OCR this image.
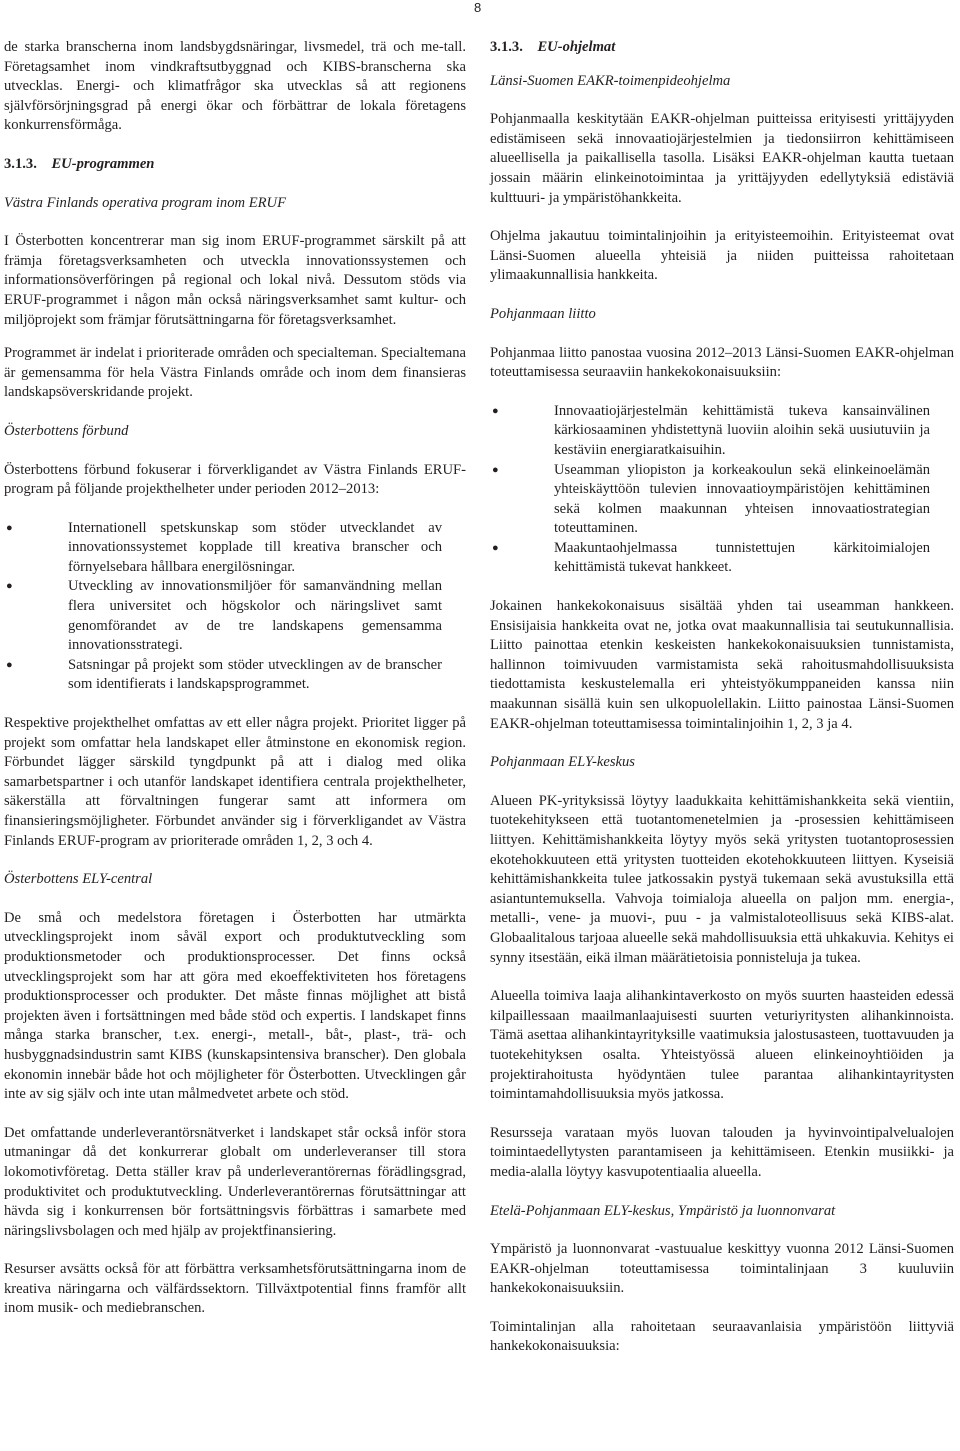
8

de starka branscherna inom landsbygdsnäringar, livsmedel, trä och me-tall. Företagsamhet inom vindkraftsutbyggnad och KIBS-branscherna ska utvecklas. Energi- och klimatfrågor ska utvecklas så att regionens självförsörjningsgrad på energi ökar och förbättrar de lokala företagens konkurrensförmåga.

3.1.3. EU-programmen
Västra Finlands operativa program inom ERUF

I Österbotten koncentrerar man sig inom ERUF-programmet särskilt på att främja företagsverksamheten och utveckla innovationssystemen och informationsöverföringen på regional och lokal nivå. Dessutom stöds via ERUF-programmet i någon mån också näringsverksamhet samt kultur- och miljöprojekt som främjar förutsättningarna för företagsverksamhet.

Programmet är indelat i prioriterade områden och specialteman. Specialtemana är gemensamma för hela Västra Finlands område och inom dem finansieras landskapsöverskridande projekt.

Österbottens förbund

Österbottens förbund fokuserar i förverkligandet av Västra Finlands ERUF-program på följande projekthelheter under perioden 2012–2013:

●	Internationell spetskunskap som stöder utvecklandet av innovationssystemet kopplade till kreativa branscher och förnyelsebara hållbara energilösningar.
●	Utveckling av innovationsmiljöer för samanvändning mellan flera universitet och högskolor och näringslivet samt genomförandet av de tre landskapens gemensamma innovationsstrategi.
●	Satsningar på projekt som stöder utvecklingen av de branscher som identifierats i landskapsprogrammet.

Respektive projekthelhet omfattas av ett eller några projekt. Prioritet ligger på projekt som omfattar hela landskapet eller åtminstone en ekonomisk region. Förbundet lägger särskild tyngdpunkt på att i dialog med olika samarbetspartner i och utanför landskapet identifiera centrala projekthelheter, säkerställa att förvaltningen fungerar samt att informera om finansieringsmöjligheter. Förbundet använder sig i förverkligandet av Västra Finlands ERUF-program av prioriterade områden 1, 2, 3 och 4.

Österbottens ELY-central

De små och medelstora företagen i Österbotten har utmärkta utvecklingsprojekt inom såväl export och produktutveckling som produktionsmetoder och produktionsprocesser. Det finns också utvecklingsprojekt som har att göra med ekoeffektiviteten hos företagens produktionsprocesser och produkter. Det måste finnas möjlighet att bistå projekten även i fortsättningen med både stöd och expertis. I landskapet finns många starka branscher, t.ex. energi-, metall-, båt-, plast-, trä- och husbyggnadsindustrin samt KIBS (kunskapsintensiva branscher). Den globala ekonomin innebär både hot och möjligheter för Österbotten. Utvecklingen går inte av sig själv och inte utan målmedvetet arbete och stöd.

Det omfattande underleverantörsnätverket i landskapet står också inför stora utmaningar då det konkurrerar globalt om underleveranser till stora lokomotivföretag. Detta ställer krav på underleverantörernas förädlingsgrad, produktivitet och produktutveckling. Underleverantörernas förutsättningar att hävda sig i konkurrensen bör fortsättningsvis förbättras i samarbete med näringslivsbolagen och med hjälp av projektfinansiering.

Resurser avsätts också för att förbättra verksamhetsförutsättningarna inom de kreativa näringarna och välfärdssektorn. Tillväxtpotential finns framför allt inom musik- och mediebranschen.

3.1.3. EU-ohjelmat
Länsi-Suomen EAKR-toimenpideohjelma

Pohjanmaalla keskitytään EAKR-ohjelman puitteissa erityisesti yrittäjyyden edistämiseen sekä innovaatiojärjestelmien ja tiedonsiirron kehittämiseen alueellisella ja paikallisella tasolla. Lisäksi EAKR-ohjelman kautta tuetaan jossain määrin elinkeinotoimintaa ja yrittäjyyden edellytyksiä edistäviä kulttuuri- ja ympäristöhankkeita.

Ohjelma jakautuu toimintalinjoihin ja erityisteemoihin. Erityisteemat ovat Länsi-Suomen alueella yhteisiä ja niiden puitteissa rahoitetaan ylimaakunnallisia hankkeita.

Pohjanmaan liitto

Pohjanmaa liitto panostaa vuosina 2012–2013 Länsi-Suomen EAKR-ohjelman toteuttamisessa seuraaviin hankekokonaisuuksiin:

●	Innovaatiojärjestelmän kehittämistä tukeva kansainvälinen kärkiosaaminen yhdistettynä luoviin aloihin sekä uusiutuviin ja kestäviin energiaratkaisuihin.
●	Useamman yliopiston ja korkeakoulun sekä elinkeinoelämän yhteiskäyttöön tulevien innovaatioympäristöjen kehittäminen sekä kolmen maakunnan yhteisen innovaatiostrategian toteuttaminen.
●	Maakuntaohjelmassa tunnistettujen kärkitoimialojen kehittämistä tukevat hankkeet.

Jokainen hankekokonaisuus sisältää yhden tai useamman hankkeen. Ensisijaisia hankkeita ovat ne, jotka ovat maakunnallisia tai seutukunnallisia. Liitto painottaa etenkin keskeisten hankekokonaisuuksien tunnistamista, hallinnon toimivuuden varmistamista sekä rahoitusmahdollisuuksista tiedottamista keskustelemalla eri yhteistyökumppaneiden kanssa niin maakunnan sisällä kuin sen ulkopuolellakin. Liitto painostaa Länsi-Suomen EAKR-ohjelman toteuttamisessa toimintalinjoihin 1, 2, 3 ja 4.

Pohjanmaan ELY-keskus

Alueen PK-yrityksissä löytyy laadukkaita kehittämishankkeita sekä vientiin, tuotekehitykseen että tuotantomenetelmien ja -prosessien kehittämiseen liittyen. Kehittämishankkeita löytyy myös sekä yritysten tuotantoprosessien ekotehokkuuteen että yritysten tuotteiden ekotehokkuuteen liittyen. Kyseisiä kehittämishankkeita tulee jatkossakin pystyä tukemaan sekä avustuksilla että asiantuntemuksella. Vahvoja toimialoja alueella on paljon mm. energia-, metalli-, vene- ja muovi-, puu - ja valmistaloteollisuus sekä KIBS-alat. Globaalitalous tarjoaa alueelle sekä mahdollisuuksia että uhkakuvia. Kehitys ei synny itsestään, eikä ilman määrätietoisia ponnisteluja ja tukea.

Alueella toimiva laaja alihankintaverkosto on myös suurten haasteiden edessä kilpaillessaan maailmanlaajuisesti suurten veturiyritysten alihankinnoista. Tämä asettaa alihankintayrityksille vaatimuksia jalostusasteen, tuottavuuden ja tuotekehityksen osalta. Yhteistyössä alueen elinkeinoyhtiöiden ja projektirahoitusta hyödyntäen tulee parantaa alihankintayritysten toimintamahdollisuuksia myös jatkossa.

Resursseja varataan myös luovan talouden ja hyvinvointipalvelualojen toimintaedellytysten parantamiseen ja kehittämiseen. Etenkin musiikki- ja media-alalla löytyy kasvupotentiaalia alueella.

Etelä-Pohjanmaan ELY-keskus, Ympäristö ja luonnonvarat

Ympäristö ja luonnonvarat -vastuualue keskittyy vuonna 2012 Länsi-Suomen EAKR-ohjelman toteuttamisessa toimintalinjaan 3 kuuluviin hankekokonaisuuksiin.

Toimintalinjan alla rahoitetaan seuraavanlaisia ympäristöön liittyviä hankekokonaisuuksia:
